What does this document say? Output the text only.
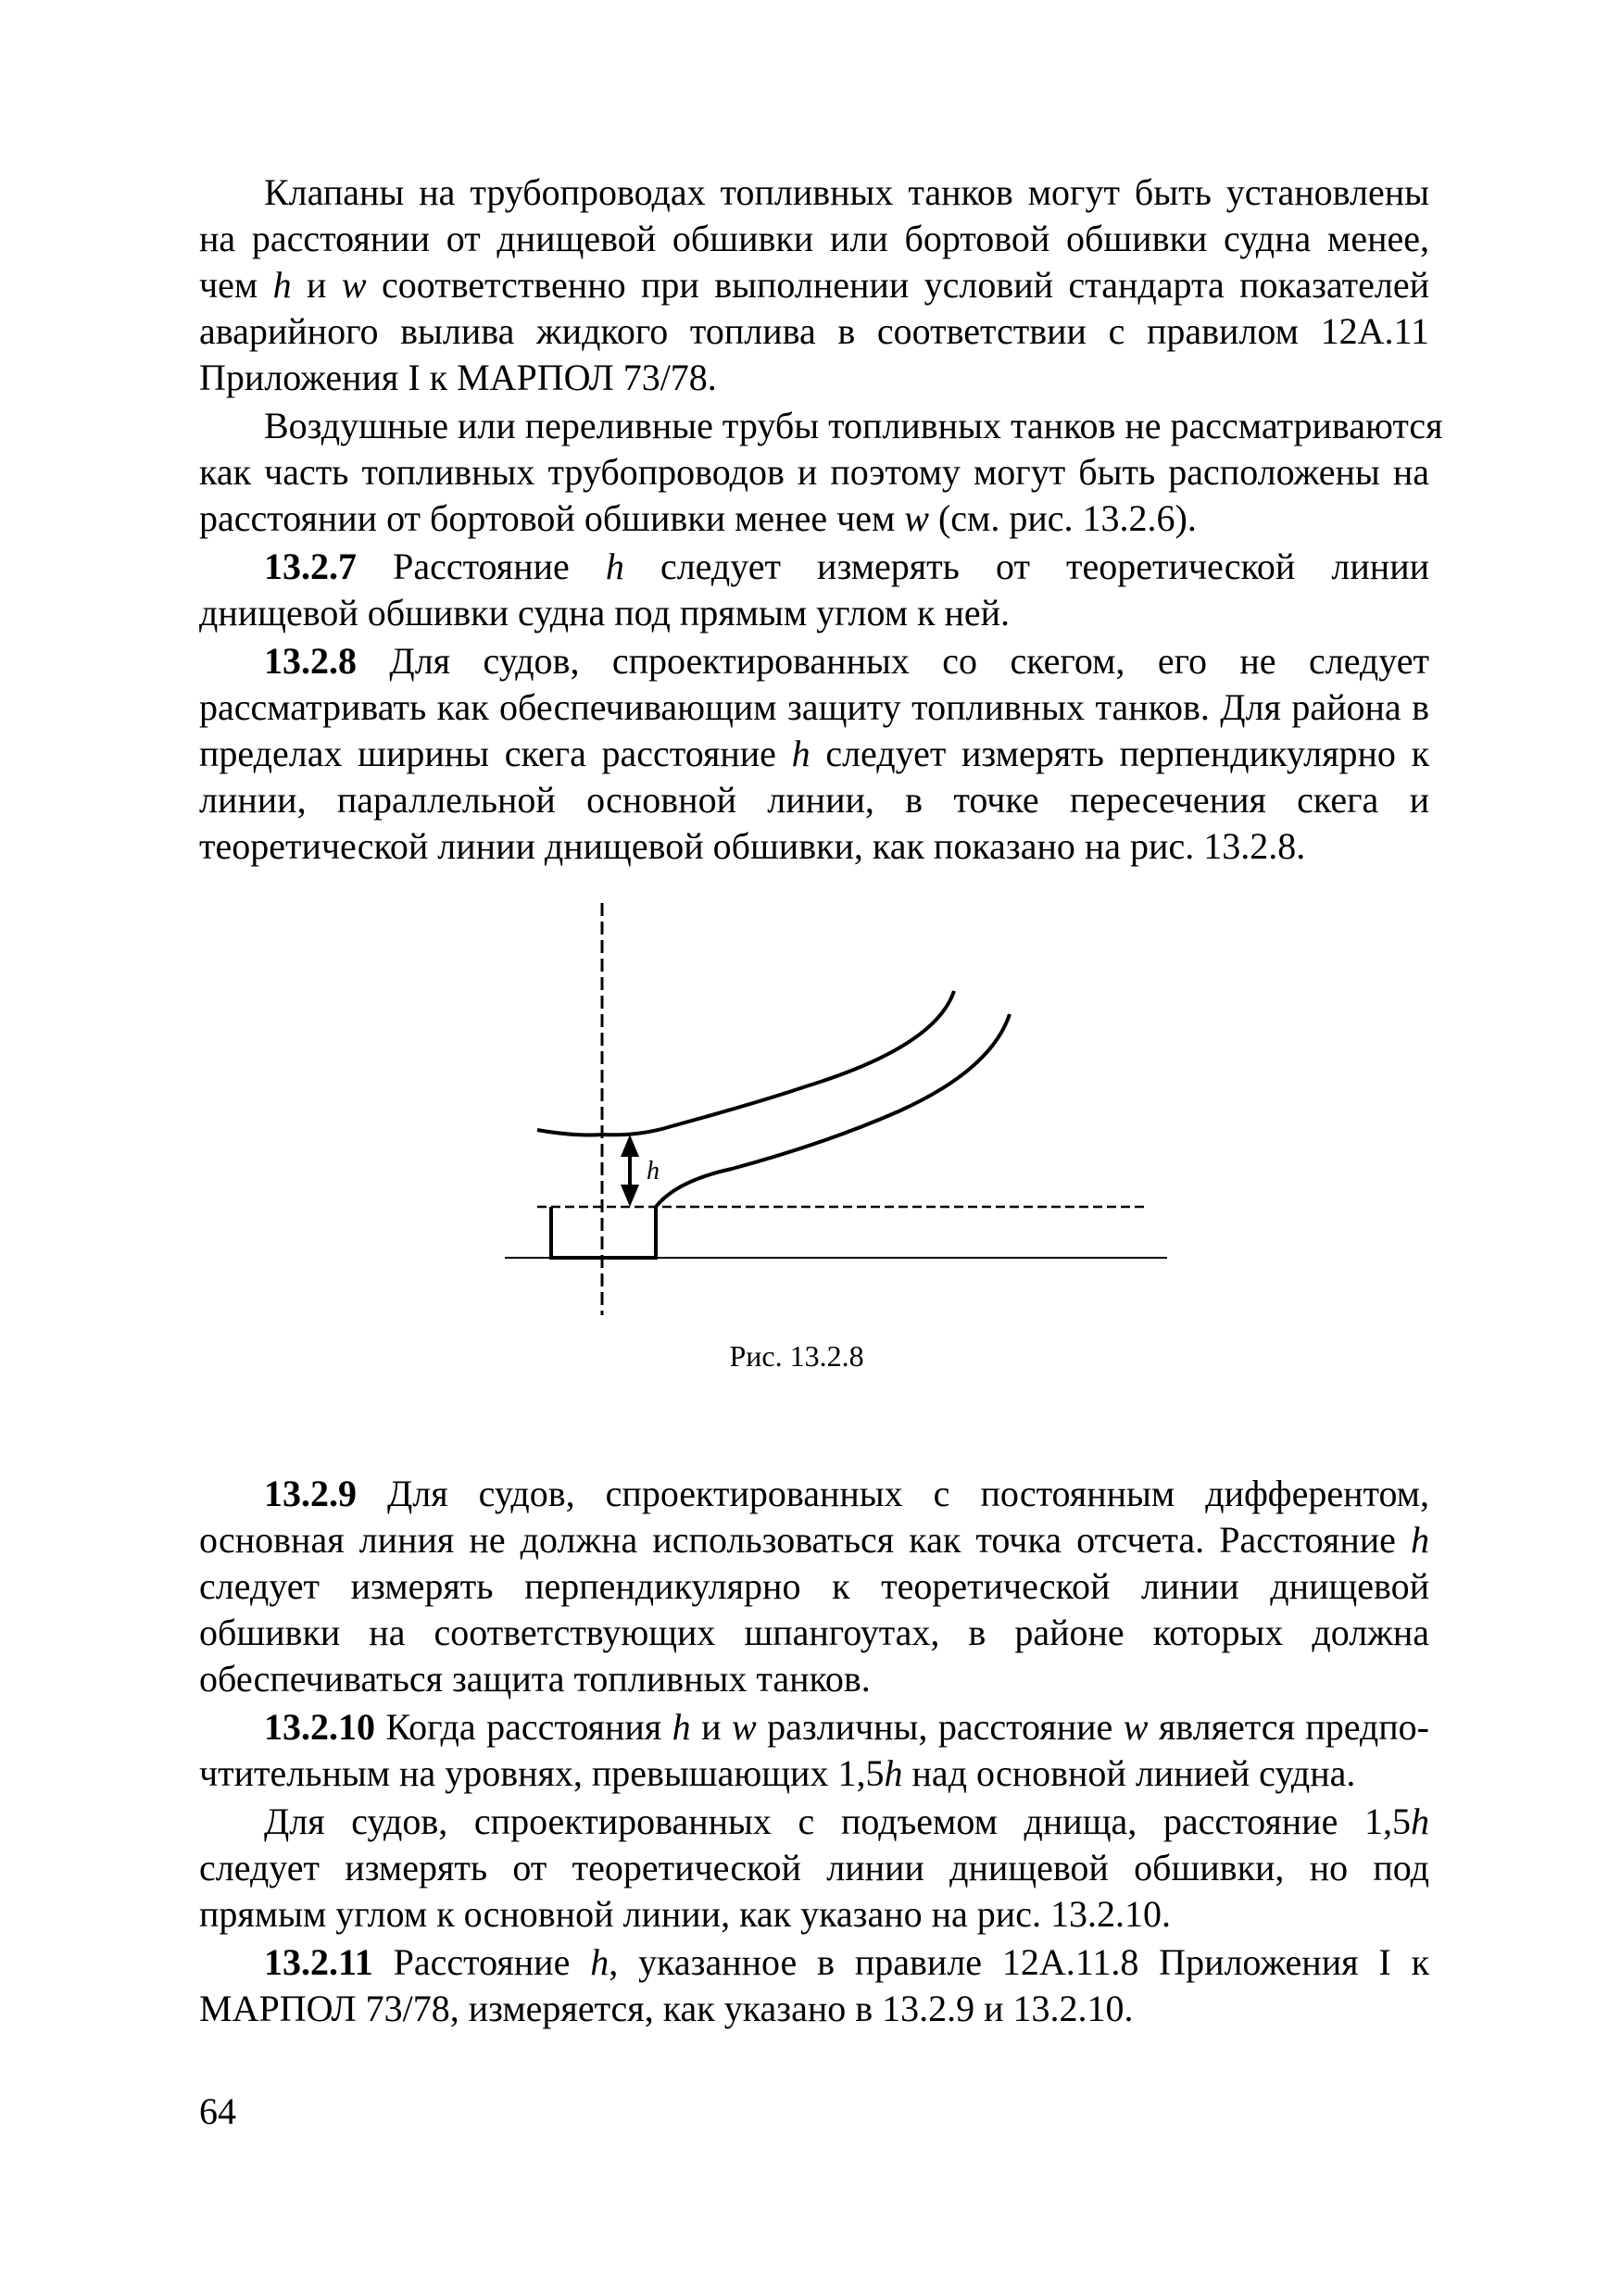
Клапаны на трубопроводах топливных танков могут быть установлены
на расстоянии от днищевой обшивки или бортовой обшивки судна менее,
чем h и w соответственно при выполнении условий стандарта показателей
аварийного вылива жидкого топлива в соответствии с правилом 12A.11
Приложения I к МАРПОЛ 73/78.
Воздушные или переливные трубы топливных танков не рассматриваются
как часть топливных трубопроводов и поэтому могут быть расположены на
расстоянии от бортовой обшивки менее чем w (см. рис. 13.2.6).
13.2.7 Расстояние h следует измерять от теоретической линии
днищевой обшивки судна под прямым углом к ней.
13.2.8 Для судов, спроектированных со скегом, его не следует
рассматривать как обеспечивающим защиту топливных танков. Для района в
пределах ширины скега расстояние h следует измерять перпендикулярно к
линии, параллельной основной линии, в точке пересечения скега и
теоретической линии днищевой обшивки, как показано на рис. 13.2.8.
h
Рис. 13.2.8
13.2.9 Для судов, спроектированных с постоянным дифферентом,
основная линия не должна использоваться как точка отсчета. Расстояние h
следует измерять перпендикулярно к теоретической линии днищевой
обшивки на соответствующих шпангоутах, в районе которых должна
обеспечиваться защита топливных танков.
13.2.10 Когда расстояния h и w различны, расстояние w является предпо-
чтительным на уровнях, превышающих 1,5h над основной линией судна.
Для судов, спроектированных с подъемом днища, расстояние 1,5h
следует измерять от теоретической линии днищевой обшивки, но под
прямым углом к основной линии, как указано на рис. 13.2.10.
13.2.11 Расстояние h, указанное в правиле 12А.11.8 Приложения I к
МАРПОЛ 73/78, измеряется, как указано в 13.2.9 и 13.2.10.
64
